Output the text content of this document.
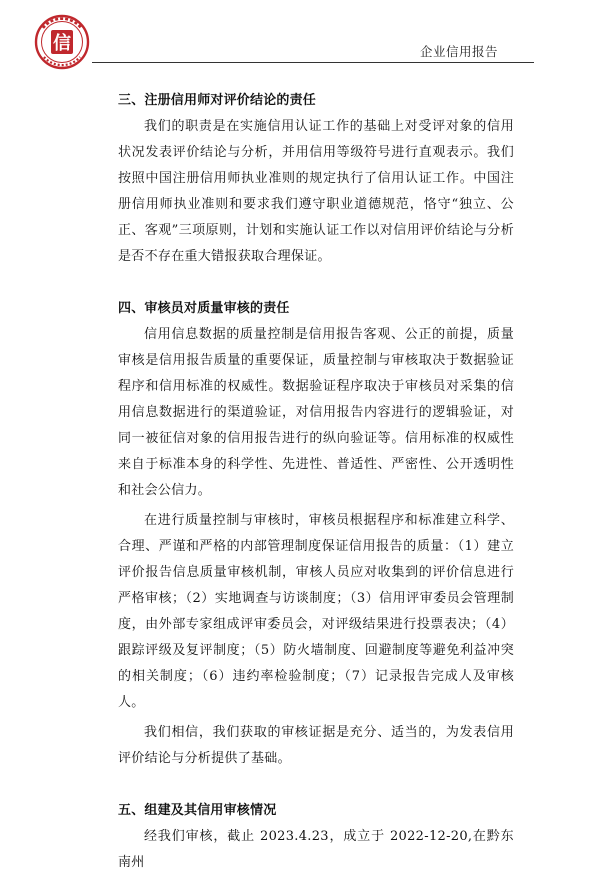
信	企业信用报告
三、注册信用师对评价结论的责任

我们的职责是在实施信用认证工作的基础上对受评对象的信用状况发表评价结论与分析，并用信用等级符号进行直观表示。我们按照中国注册信用师执业准则的规定执行了信用认证工作。中国注册信用师执业准则和要求我们遵守职业道德规范，恪守“独立、公正、客观”三项原则，计划和实施认证工作以对信用评价结论与分析是否不存在重大错报获取合理保证。

四、审核员对质量审核的责任

信用信息数据的质量控制是信用报告客观、公正的前提，质量审核是信用报告质量的重要保证，质量控制与审核取决于数据验证程序和信用标准的权威性。数据验证程序取决于审核员对采集的信用信息数据进行的渠道验证，对信用报告内容进行的逻辑验证，对同一被征信对象的信用报告进行的纵向验证等。信用标准的权威性来自于标准本身的科学性、先进性、普适性、严密性、公开透明性和社会公信力。

在进行质量控制与审核时，审核员根据程序和标准建立科学、合理、严谨和严格的内部管理制度保证信用报告的质量：（1）建立评价报告信息质量审核机制，审核人员应对收集到的评价信息进行严格审核；（2）实地调查与访谈制度；（3）信用评审委员会管理制度，由外部专家组成评审委员会，对评级结果进行投票表决；（4）跟踪评级及复评制度；（5）防火墙制度、回避制度等避免利益冲突的相关制度；（6）违约率检验制度；（7）记录报告完成人及审核人。

我们相信，我们获取的审核证据是充分、适当的，为发表信用评价结论与分析提供了基础。

五、组建及其信用审核情况

经我们审核，截止 2023.4.23，成立于 2022-12-20,在黔东南州
